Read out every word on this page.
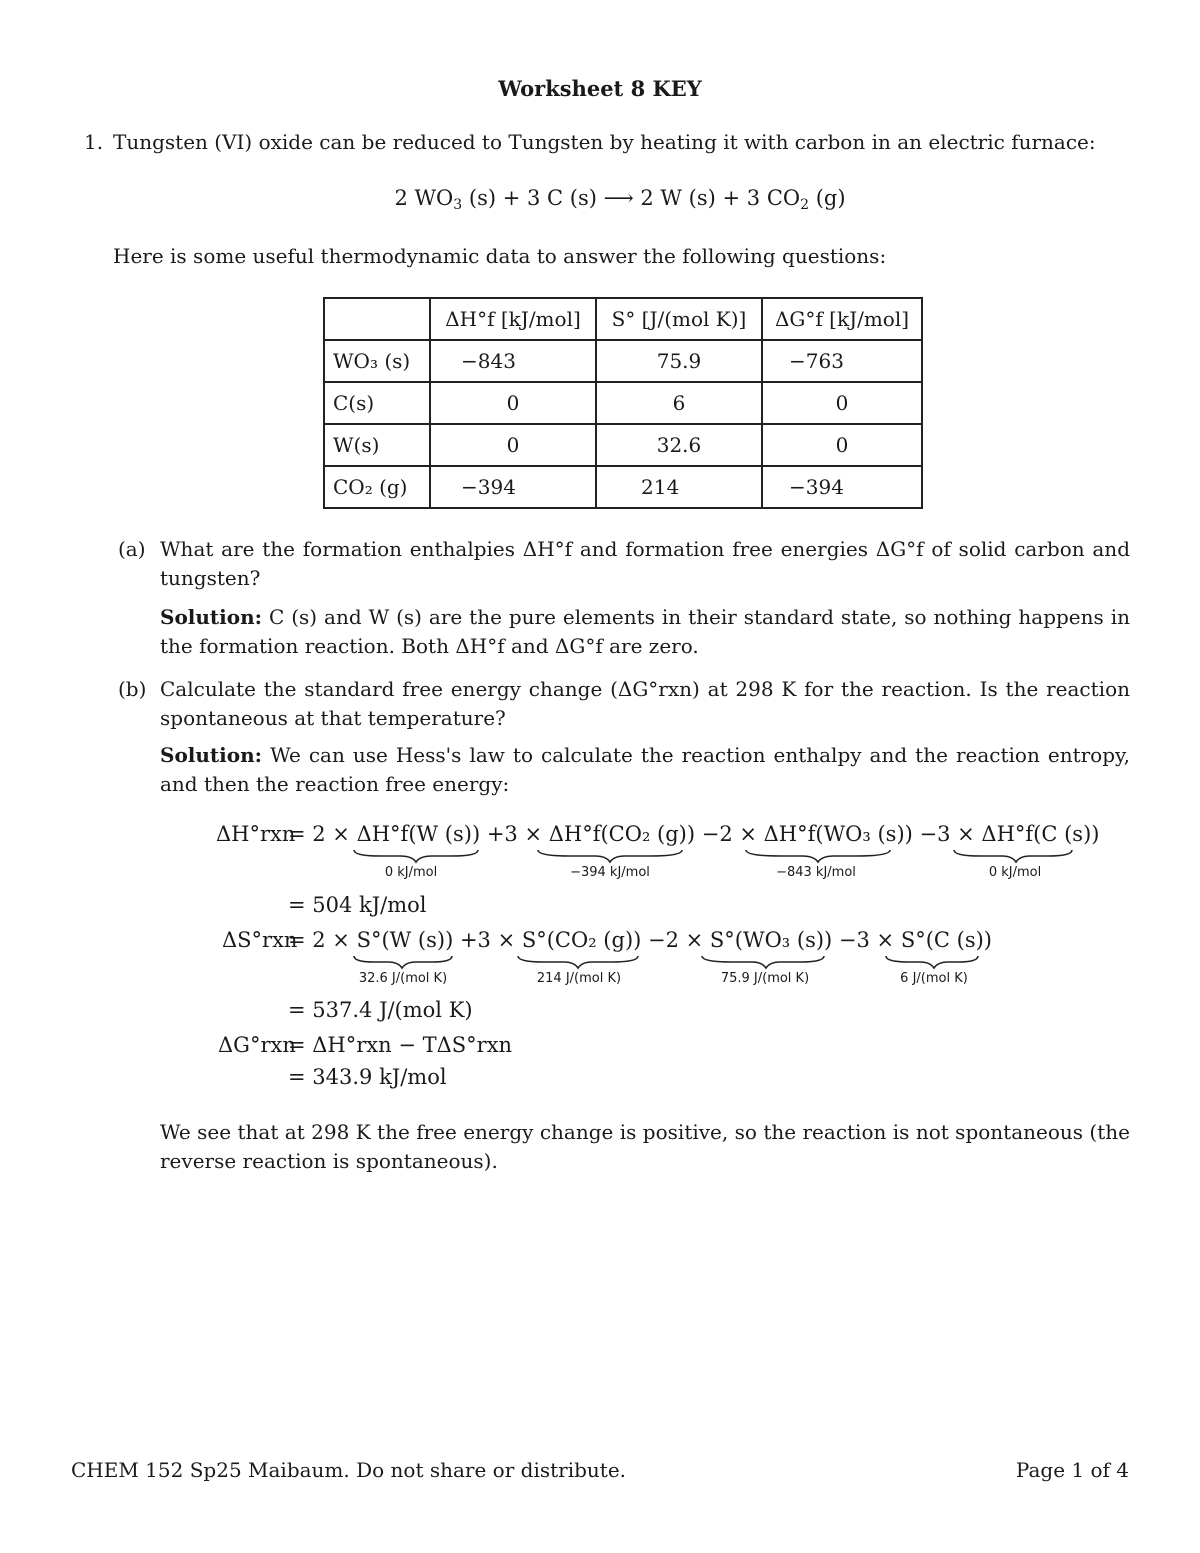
Worksheet 8 KEY
1. Tungsten (VI) oxide can be reduced to Tungsten by heating it with carbon in an electric furnace:
2 $WO_3$ (s) + 3 C (s) ⟶ 2 W (s) + 3 $CO_2$ (g)
Here is some useful thermodynamic data to answer the following questions:
	ΔH°f [kJ/mol]	S° [J/(mol K)]	ΔG°f [kJ/mol]
WO₃ (s)	−843	75.9	−763
C(s)	0	6	0
W(s)	0	32.6	0
CO₂ (g)	−394	214	−394
(a) What are the formation enthalpies ΔH°f and formation free energies ΔG°f of solid carbon and tungsten?
Solution: C (s) and W (s) are the pure elements in their standard state, so nothing happens in the formation reaction. Both ΔH°f and ΔG°f are zero.
(b) Calculate the standard free energy change (ΔG°rxn) at 298 K for the reaction. Is the reaction spontaneous at that temperature?
Solution: We can use Hess's law to calculate the reaction enthalpy and the reaction entropy, and then the reaction free energy:
ΔH°rxn
= 2 × ΔH°f(W (s)) +3 × ΔH°f(CO₂ (g)) −2 × ΔH°f(WO₃ (s)) −3 × ΔH°f(C (s))
0 kJ/mol	−394 kJ/mol	−843 kJ/mol	0 kJ/mol
= 504 kJ/mol
ΔS°rxn
= 2 × S°(W (s)) +3 × S°(CO₂ (g)) −2 × S°(WO₃ (s)) −3 × S°(C (s))
32.6 J/(mol K)	214 J/(mol K)	75.9 J/(mol K)	6 J/(mol K)
= 537.4 J/(mol K)
ΔG°rxn
= ΔH°rxn − TΔS°rxn
= 343.9 kJ/mol
We see that at 298 K the free energy change is positive, so the reaction is not spontaneous (the reverse reaction is spontaneous).
CHEM 152 Sp25 Maibaum. Do not share or distribute.	Page 1 of 4
